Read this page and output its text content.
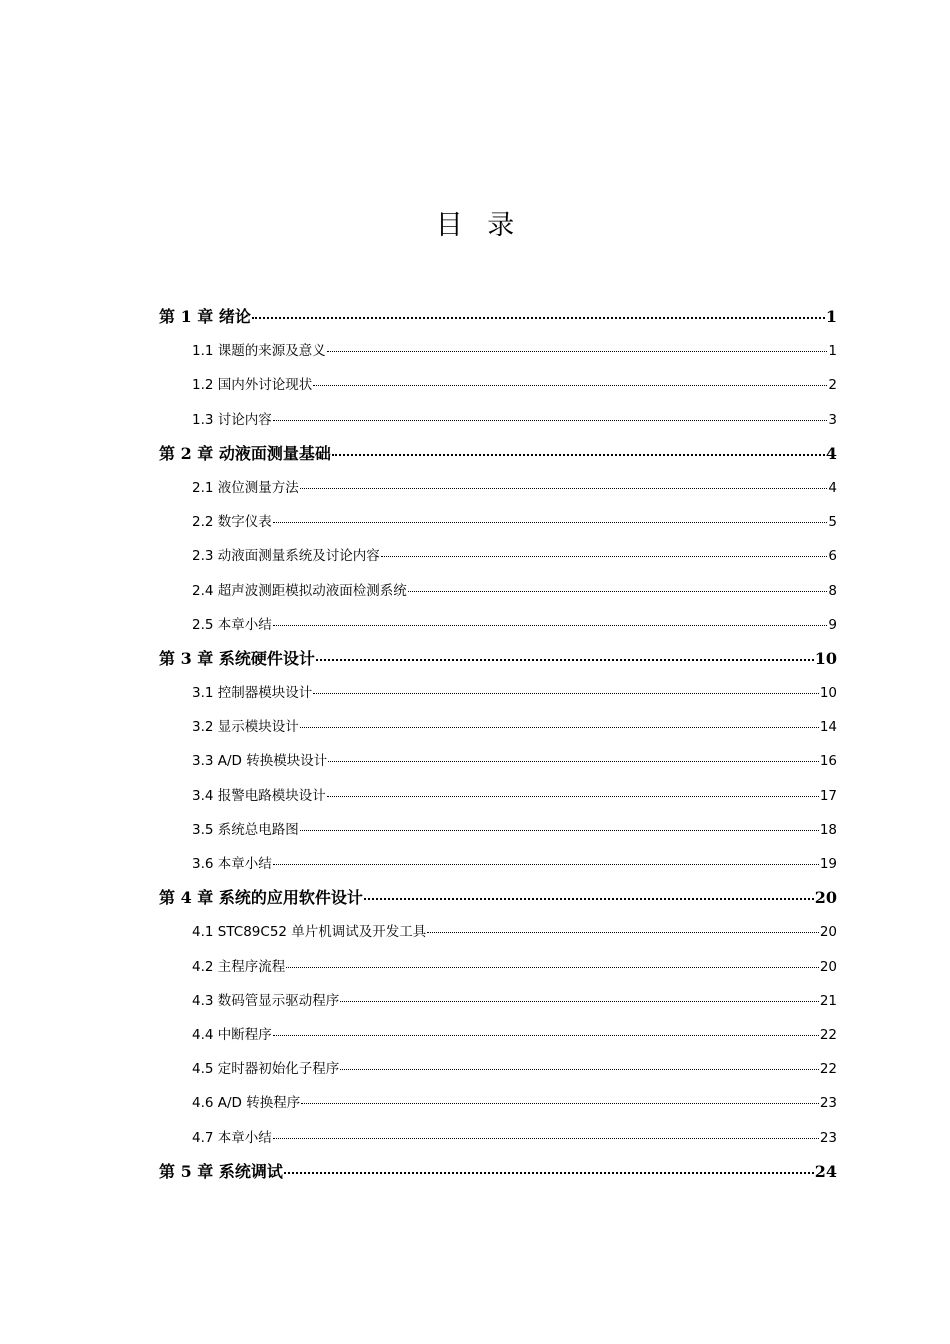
目 录
第 1 章 绪论	1
1.1 课题的来源及意义	1
1.2 国内外讨论现状	2
1.3 讨论内容	3
第 2 章 动液面测量基础	4
2.1 液位测量方法	4
2.2 数字仪表	5
2.3 动液面测量系统及讨论内容	6
2.4 超声波测距模拟动液面检测系统	8
2.5 本章小结	9
第 3 章 系统硬件设计	10
3.1 控制器模块设计	10
3.2 显示模块设计	14
3.3 A/D 转换模块设计	16
3.4 报警电路模块设计	17
3.5 系统总电路图	18
3.6 本章小结	19
第 4 章 系统的应用软件设计	20
4.1 STC89C52 单片机调试及开发工具	20
4.2 主程序流程	20
4.3 数码管显示驱动程序	21
4.4 中断程序	22
4.5 定时器初始化子程序	22
4.6 A/D 转换程序	23
4.7 本章小结	23
第 5 章 系统调试	24
